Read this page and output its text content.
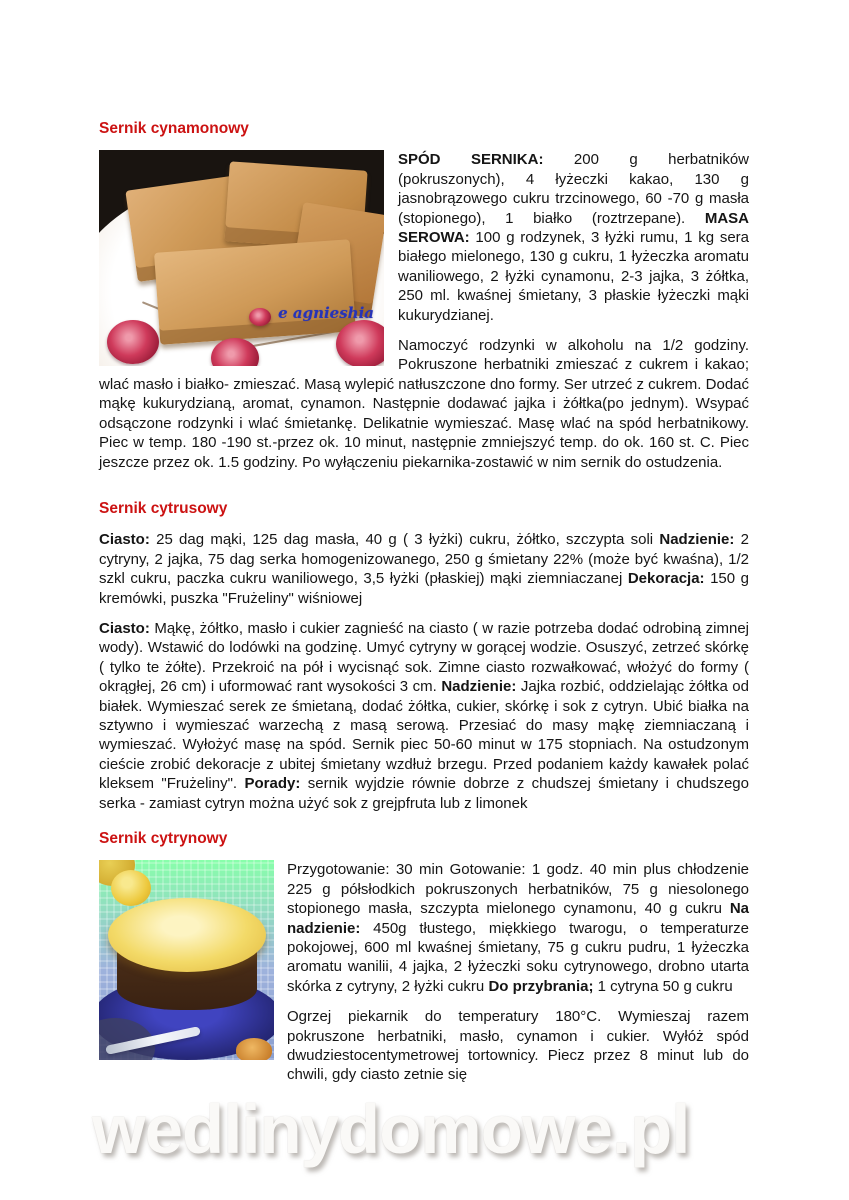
Sernik cynamonowy
e agnieshia

SPÓD SERNIKA: 200 g herbatników (pokruszonych), 4 łyżeczki kakao, 130 g jasnobrązowego cukru trzcinowego, 60 -70 g masła (stopionego), 1 białko (roztrzepane). MASA SEROWA: 100 g rodzynek, 3 łyżki rumu, 1 kg sera białego mielonego, 130 g cukru, 1 łyżeczka aromatu waniliowego, 2 łyżki cynamonu, 2-3 jajka, 3 żółtka, 250 ml. kwaśnej śmietany, 3 płaskie łyżeczki mąki kukurydzianej.

Namoczyć rodzynki w alkoholu na 1/2 godziny. Pokruszone herbatniki zmieszać z cukrem i kakao; wlać masło i białko- zmieszać. Masą wylepić natłuszczone dno formy. Ser utrzeć z cukrem. Dodać mąkę kukurydzianą, aromat, cynamon. Następnie dodawać jajka i żółtka(po jednym). Wsypać odsączone rodzynki i wlać śmietankę. Delikatnie wymieszać. Masę wlać na spód herbatnikowy. Piec w temp. 180 -190 st.-przez ok. 10 minut, następnie zmniejszyć temp. do ok. 160 st. C. Piec jeszcze przez ok. 1.5 godziny. Po wyłączeniu piekarnika-zostawić w nim sernik do ostudzenia.

Sernik cytrusowy

Ciasto: 25 dag mąki, 125 dag masła, 40 g ( 3 łyżki) cukru, żółtko, szczypta soli Nadzienie: 2 cytryny, 2 jajka, 75 dag serka homogenizowanego, 250 g śmietany 22% (może być kwaśna), 1/2 szkl cukru, paczka cukru waniliowego, 3,5 łyżki (płaskiej) mąki ziemniaczanej Dekoracja: 150 g kremówki, puszka "Frużeliny" wiśniowej

Ciasto: Mąkę, żółtko, masło i cukier zagnieść na ciasto ( w razie potrzeba dodać odrobiną zimnej wody). Wstawić do lodówki na godzinę. Umyć cytryny w gorącej wodzie. Osuszyć, zetrzeć skórkę ( tylko te żółte). Przekroić na pół i wycisnąć sok. Zimne ciasto rozwałkować, włożyć do formy ( okrągłej, 26 cm) i uformować rant wysokości 3 cm. Nadzienie: Jajka rozbić, oddzielając żółtka od białek. Wymieszać serek ze śmietaną, dodać żółtka, cukier, skórkę i sok z cytryn. Ubić białka na sztywno i wymieszać warzechą z masą serową. Przesiać do masy mąkę ziemniaczaną i wymieszać. Wyłożyć masę na spód. Sernik piec 50-60 minut w 175 stopniach. Na ostudzonym cieście zrobić dekoracje z ubitej śmietany wzdłuż brzegu. Przed podaniem każdy kawałek polać kleksem "Frużeliny". Porady: sernik wyjdzie równie dobrze z chudszej śmietany i chudszego serka - zamiast cytryn można użyć sok z grejpfruta lub z limonek

Sernik cytrynowy

Przygotowanie: 30 min Gotowanie: 1 godz. 40 min plus chłodzenie 225 g półsłodkich pokruszonych herbatników, 75 g niesolonego stopionego masła, szczypta mielonego cynamonu, 40 g cukru Na nadzienie: 450g tłustego, miękkiego twarogu, o temperaturze pokojowej, 600 ml kwaśnej śmietany, 75 g cukru pudru, 1 łyżeczka aromatu wanilii, 4 jajka, 2 łyżeczki soku cytrynowego, drobno utarta skórka z cytryny, 2 łyżki cukru Do przybrania; 1 cytryna 50 g cukru

Ogrzej piekarnik do temperatury 180°C. Wymieszaj razem pokruszone herbatniki, masło, cynamon i cukier. Wyłóż spód dwudziestocentymetrowej tortownicy. Piecz przez 8 minut lub do chwili, gdy ciasto zetnie się

wedlinydomowe.pl
